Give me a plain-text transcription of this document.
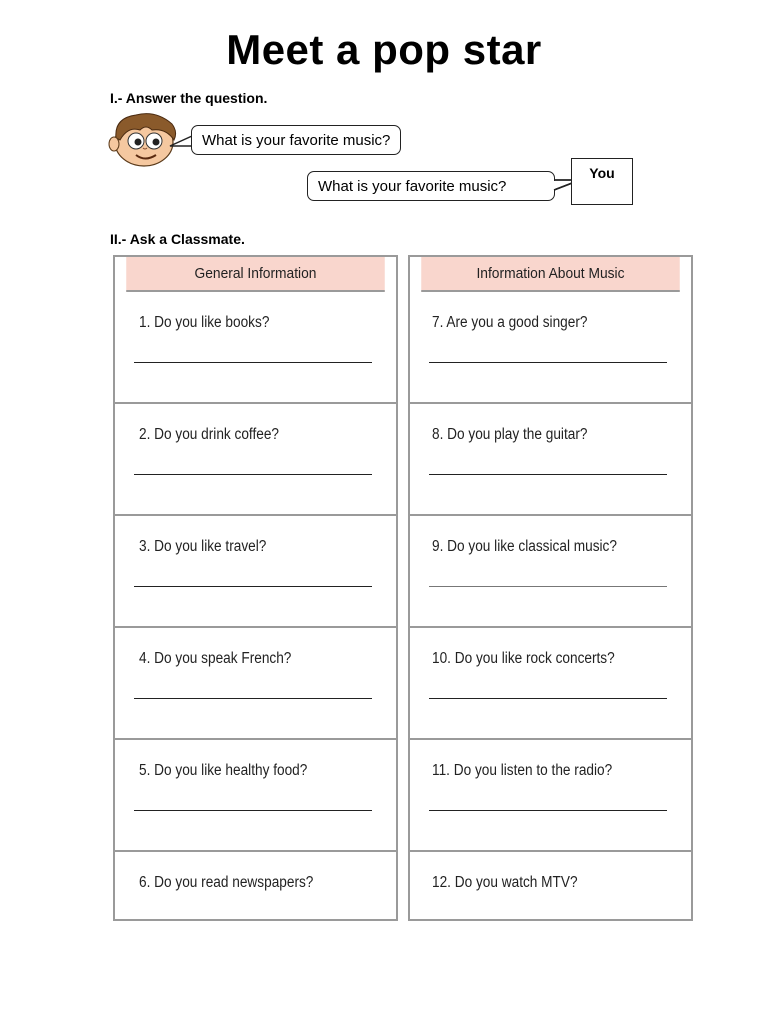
Meet a pop star
I.- Answer the question.
What is your favorite music?
What is your favorite music?
You
II.- Ask a Classmate.
General Information
1. Do you like books?
2. Do you drink coffee?
3. Do you like travel?
4. Do you speak French?
5. Do you like healthy food?
6. Do you read newspapers?
Information About Music
7. Are you a good singer?
8. Do you play the guitar?
9. Do you like classical music?
10. Do you like rock concerts?
11. Do you listen to the radio?
12. Do you watch MTV?
